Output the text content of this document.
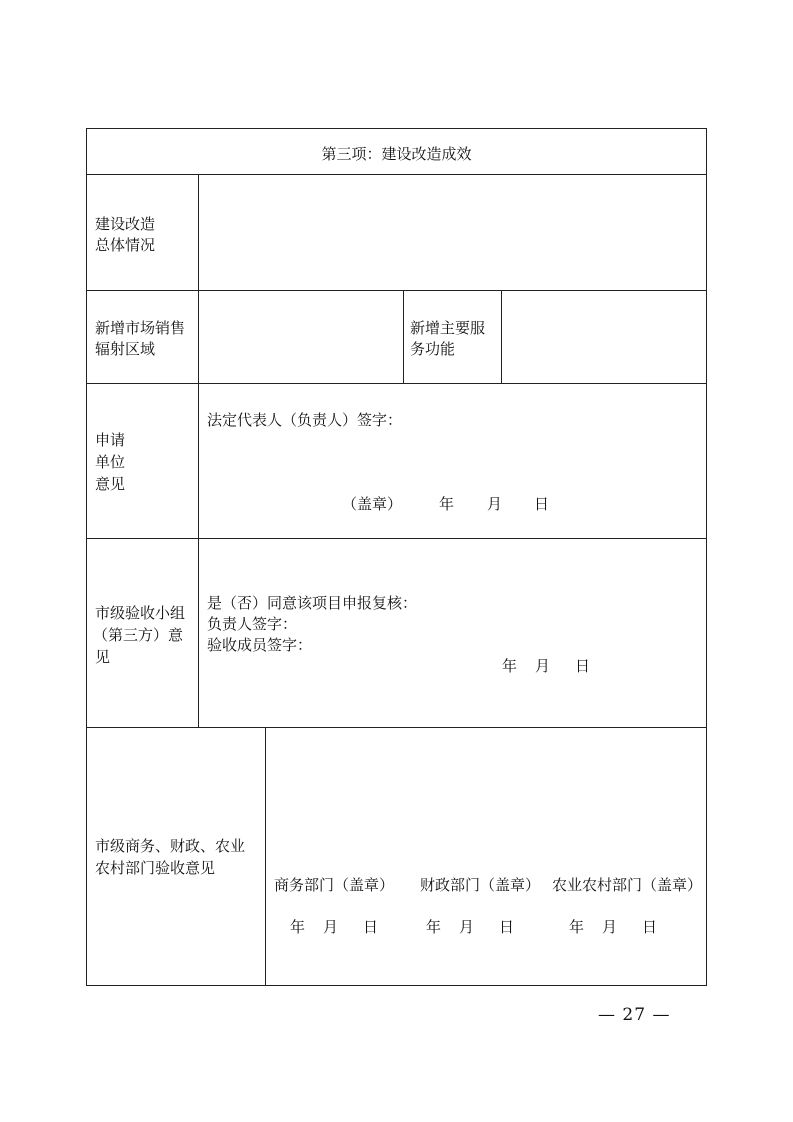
第三项：建设改造成效
建设改造
总体情况
新增市场销售
辐射区域
新增主要服
务功能
申请
单位
意见
法定代表人（负责人）签字：
（盖章） 年 月 日
市级验收小组
（第三方）意
见
是（否）同意该项目申报复核：
负责人签字：
验收成员签字：
年 月 日
市级商务、财政、农业
农村部门验收意见
商务部门（盖章） 财政部门（盖章） 农业农村部门（盖章）
年 月 日	年 月 日	年 月 日
— 27 —
